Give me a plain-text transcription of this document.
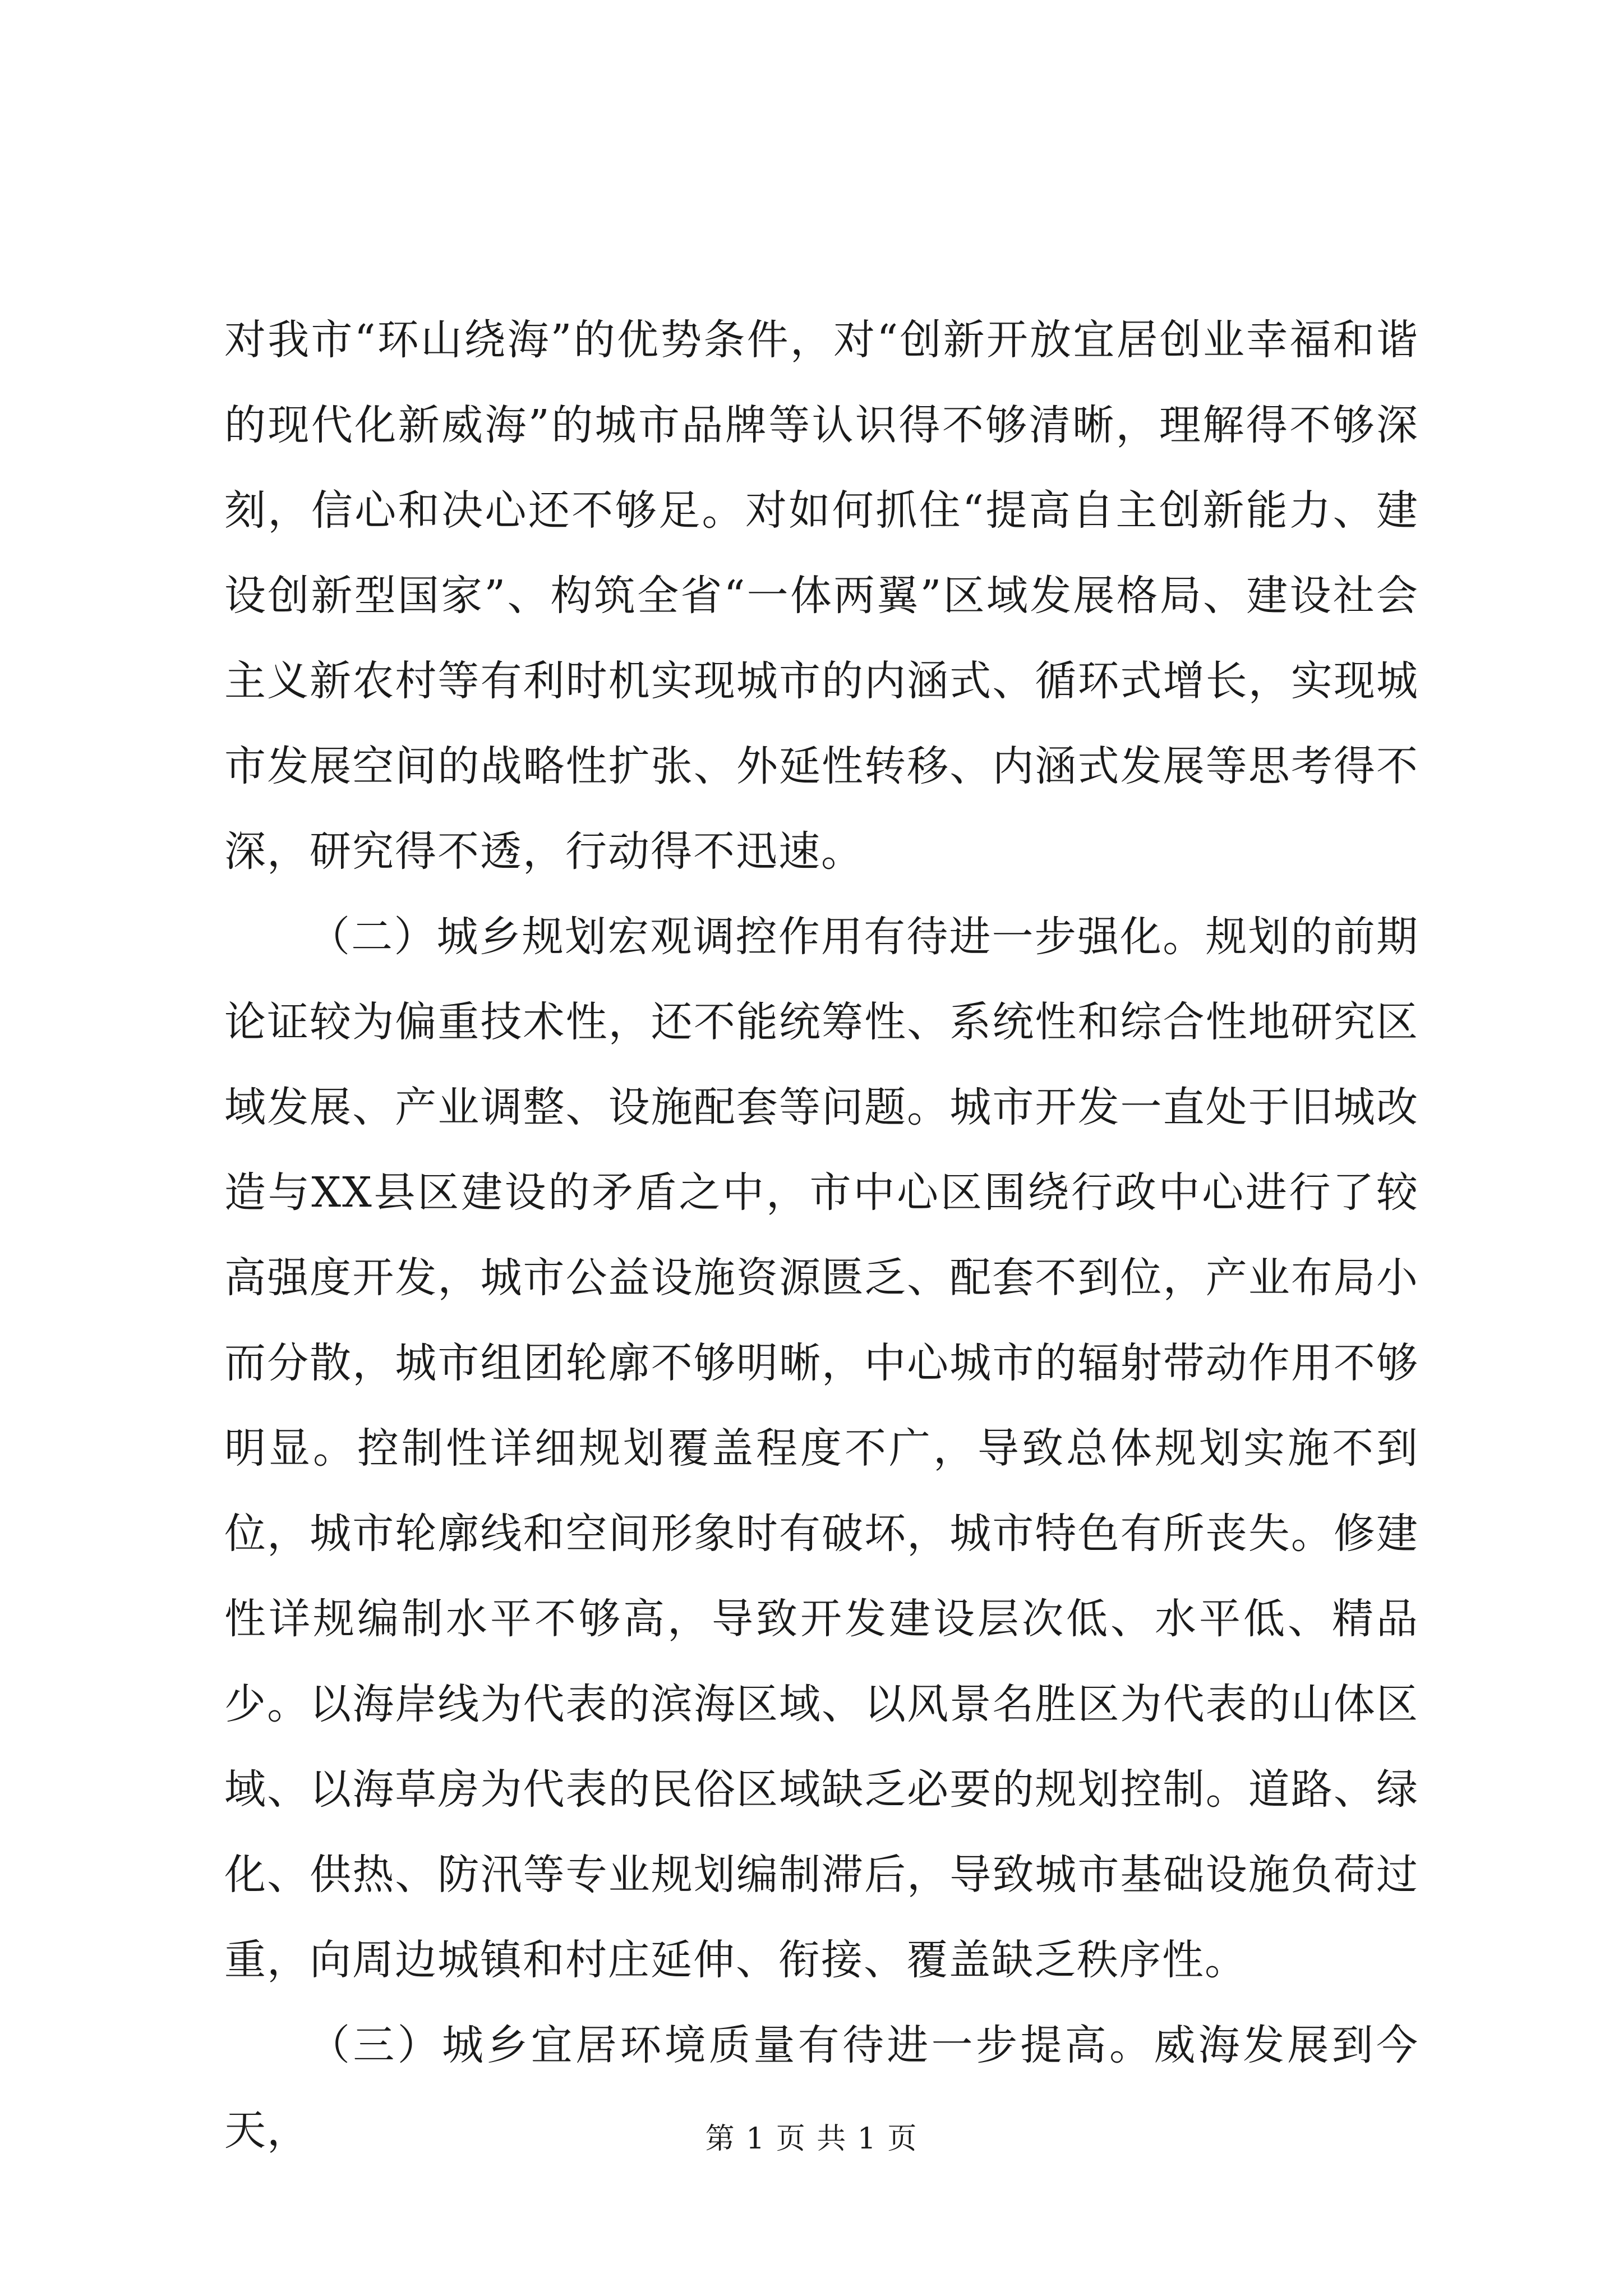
对我市“环山绕海”的优势条件，对“创新开放宜居创业幸福和谐的现代化新威海”的城市品牌等认识得不够清晰，理解得不够深刻，信心和决心还不够足。对如何抓住“提高自主创新能力、建设创新型国家”、构筑全省“一体两翼”区域发展格局、建设社会主义新农村等有利时机实现城市的内涵式、循环式增长，实现城市发展空间的战略性扩张、外延性转移、内涵式发展等思考得不深，研究得不透，行动得不迅速。

（二）城乡规划宏观调控作用有待进一步强化。规划的前期论证较为偏重技术性，还不能统筹性、系统性和综合性地研究区域发展、产业调整、设施配套等问题。城市开发一直处于旧城改造与XX县区建设的矛盾之中，市中心区围绕行政中心进行了较高强度开发，城市公益设施资源匮乏、配套不到位，产业布局小而分散，城市组团轮廓不够明晰，中心城市的辐射带动作用不够明显。控制性详细规划覆盖程度不广，导致总体规划实施不到位，城市轮廓线和空间形象时有破坏，城市特色有所丧失。修建性详规编制水平不够高，导致开发建设层次低、水平低、精品少。以海岸线为代表的滨海区域、以风景名胜区为代表的山体区域、以海草房为代表的民俗区域缺乏必要的规划控制。道路、绿化、供热、防汛等专业规划编制滞后，导致城市基础设施负荷过重，向周边城镇和村庄延伸、衔接、覆盖缺乏秩序性。

（三）城乡宜居环境质量有待进一步提高。威海发展到今天，	第 1 页 共 1 页
